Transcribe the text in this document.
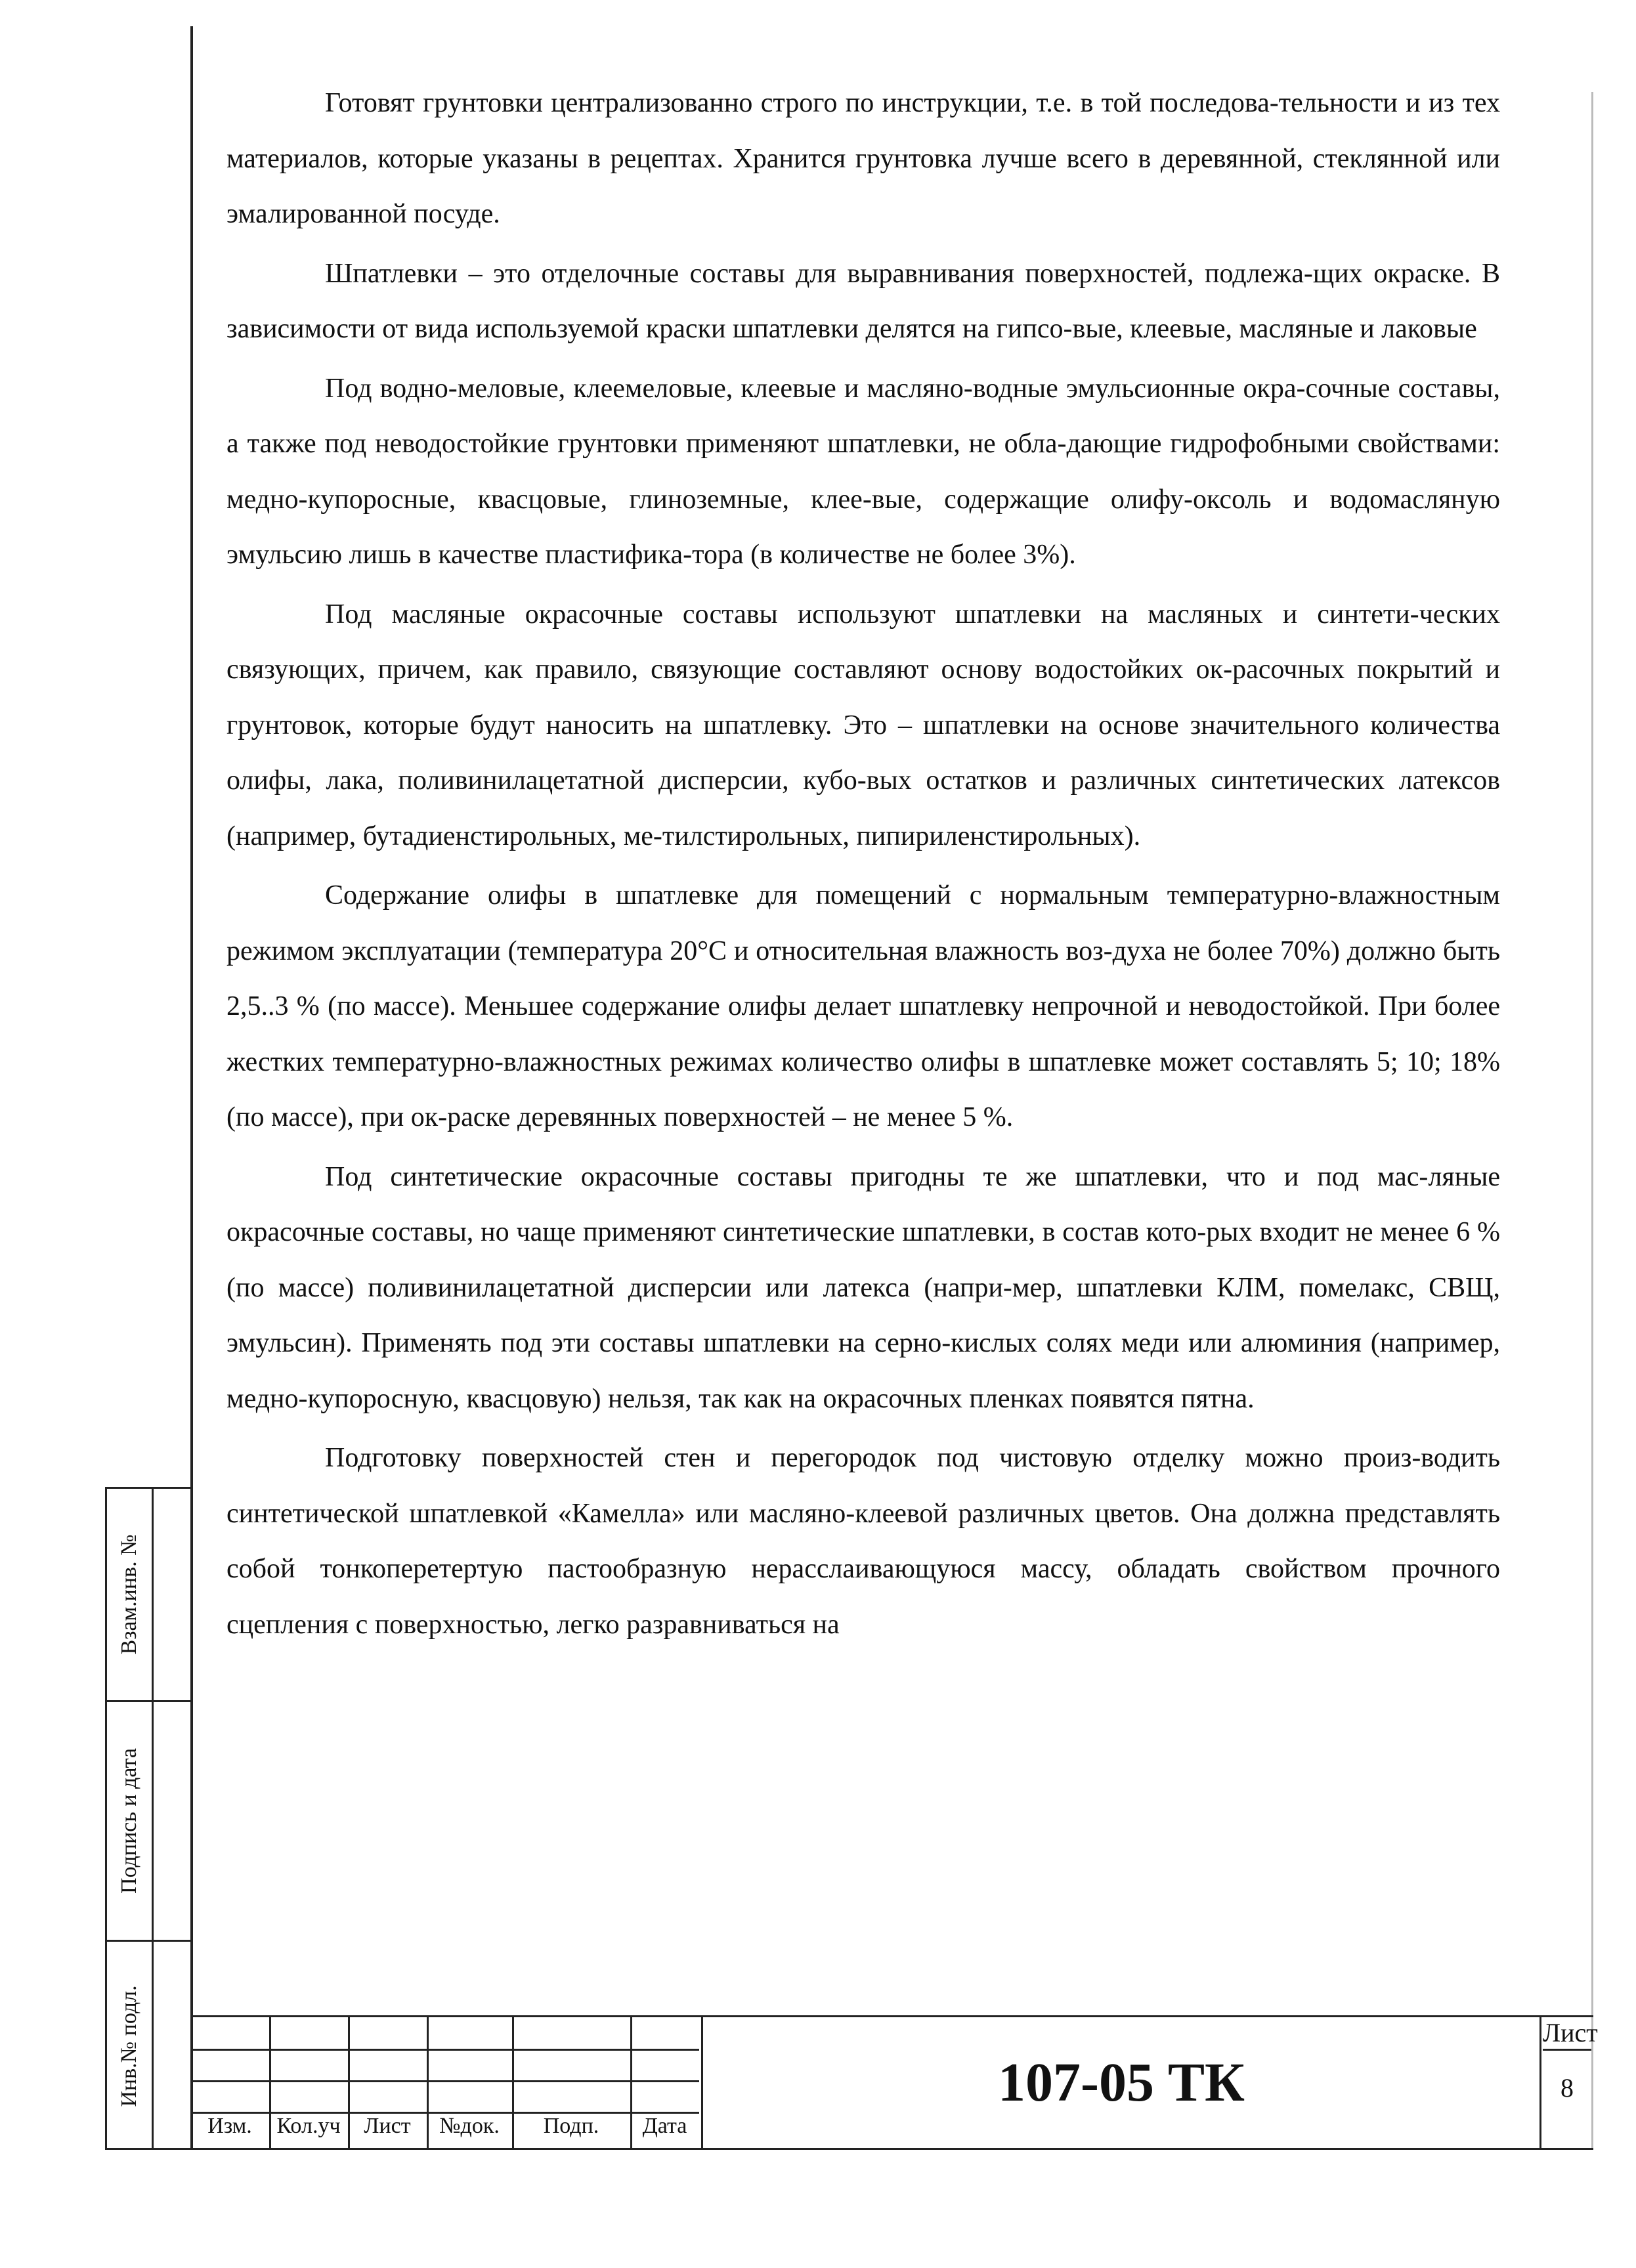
Готовят грунтовки централизованно строго по инструкции, т.е. в той последова-тельности и из тех материалов, которые указаны в рецептах. Хранится грунтовка лучше всего в деревянной, стеклянной или эмалированной посуде.

Шпатлевки – это отделочные составы для выравнивания поверхностей, подлежа-щих окраске. В зависимости от вида используемой краски шпатлевки делятся на гипсо-вые, клеевые, масляные и лаковые

Под водно-меловые, клеемеловые, клеевые и масляно-водные эмульсионные окра-сочные составы, а также под неводостойкие грунтовки применяют шпатлевки, не обла-дающие гидрофобными свойствами: медно-купоросные, квасцовые, глиноземные, клее-вые, содержащие олифу-оксоль и водомасляную эмульсию лишь в качестве пластифика-тора (в количестве не более 3%).

Под масляные окрасочные составы используют шпатлевки на масляных и синтети-ческих связующих, причем, как правило, связующие составляют основу водостойких ок-расочных покрытий и грунтовок, которые будут наносить на шпатлевку. Это – шпатлевки на основе значительного количества олифы, лака, поливинилацетатной дисперсии, кубо-вых остатков и различных синтетических латексов (например, бутадиенстирольных, ме-тилстирольных, пипириленстирольных).

Содержание олифы в шпатлевке для помещений с нормальным температурно-влажностным режимом эксплуатации (температура 20°С и относительная влажность воз-духа не более 70%) должно быть 2,5..3 % (по массе). Меньшее содержание олифы делает шпатлевку непрочной и неводостойкой. При более жестких температурно-влажностных режимах количество олифы в шпатлевке может составлять 5; 10; 18% (по массе), при ок-раске деревянных поверхностей – не менее 5 %.

Под синтетические окрасочные составы пригодны те же шпатлевки, что и под мас-ляные окрасочные составы, но чаще применяют синтетические шпатлевки, в состав кото-рых входит не менее 6 % (по массе) поливинилацетатной дисперсии или латекса (напри-мер, шпатлевки КЛМ, помелакс, СВЩ, эмульсин). Применять под эти составы шпатлевки на серно-кислых солях меди или алюминия (например, медно-купоросную, квасцовую) нельзя, так как на окрасочных пленках появятся пятна.

Подготовку поверхностей стен и перегородок под чистовую отделку можно произ-водить синтетической шпатлевкой «Камелла» или масляно-клеевой различных цветов. Она должна представлять собой тонкоперетертую пастообразную нерасслаивающуюся массу, обладать свойством прочного сцепления с поверхностью, легко разравниваться на

Взам.инв. №
Подпись и дата
Инв.№ подл.
Изм.	Кол.уч	Лист	№док.	Подп.	Дата
107-05 ТК
Лист
8
